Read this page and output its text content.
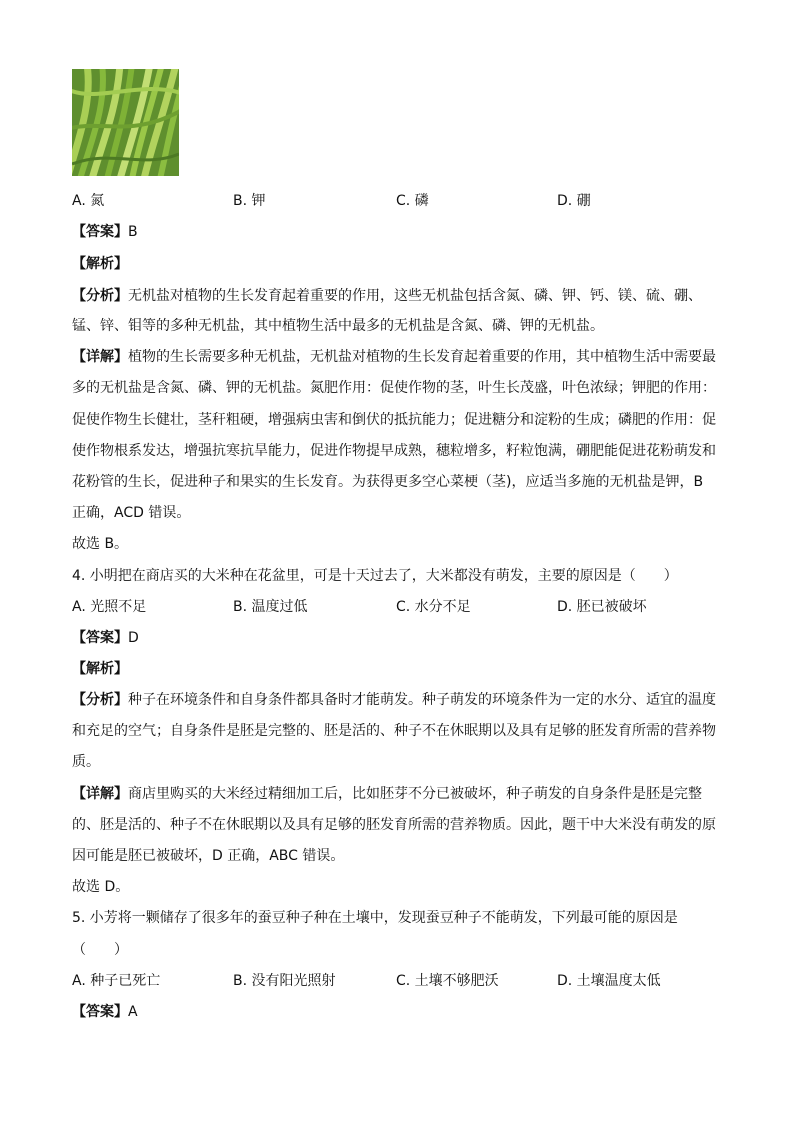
A. 氮	B. 钾	C. 磷	D. 硼
【答案】B
【解析】
【分析】无机盐对植物的生长发育起着重要的作用，这些无机盐包括含氮、磷、钾、钙、镁、硫、硼、
锰、锌、钼等的多种无机盐，其中植物生活中最多的无机盐是含氮、磷、钾的无机盐。
【详解】植物的生长需要多种无机盐，无机盐对植物的生长发育起着重要的作用，其中植物生活中需要最
多的无机盐是含氮、磷、钾的无机盐。氮肥作用：促使作物的茎，叶生长茂盛，叶色浓绿；钾肥的作用：
促使作物生长健壮，茎秆粗硬，增强病虫害和倒伏的抵抗能力；促进糖分和淀粉的生成；磷肥的作用：促
使作物根系发达，增强抗寒抗旱能力，促进作物提早成熟，穗粒增多，籽粒饱满，硼肥能促进花粉萌发和
花粉管的生长，促进种子和果实的生长发育。为获得更多空心菜梗（茎)，应适当多施的无机盐是钾，B
正确，ACD 错误。
故选 B。
4. 小明把在商店买的大米种在花盆里，可是十天过去了，大米都没有萌发，主要的原因是（　　）
A. 光照不足	B. 温度过低	C. 水分不足	D. 胚已被破坏
【答案】D
【解析】
【分析】种子在环境条件和自身条件都具备时才能萌发。种子萌发的环境条件为一定的水分、适宜的温度
和充足的空气；自身条件是胚是完整的、胚是活的、种子不在休眠期以及具有足够的胚发育所需的营养物
质。
【详解】商店里购买的大米经过精细加工后，比如胚芽不分已被破坏，种子萌发的自身条件是胚是完整
的、胚是活的、种子不在休眠期以及具有足够的胚发育所需的营养物质。因此，题干中大米没有萌发的原
因可能是胚已被破坏，D 正确，ABC 错误。
故选 D。
5. 小芳将一颗储存了很多年的蚕豆种子种在土壤中，发现蚕豆种子不能萌发，下列最可能的原因是
（　　）
A. 种子已死亡	B. 没有阳光照射	C. 土壤不够肥沃	D. 土壤温度太低
【答案】A
